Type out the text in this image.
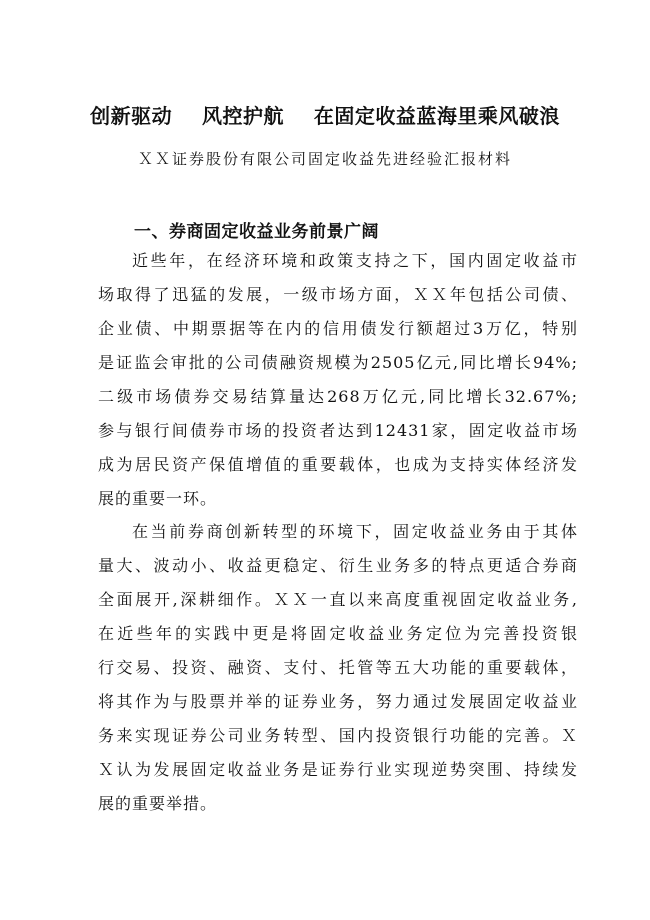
创新驱动    风控护航    在固定收益蓝海里乘风破浪
ＸＸ证券股份有限公司固定收益先进经验汇报材料
一、券商固定收益业务前景广阔
近些年，在经济环境和政策支持之下，国内固定收益市
场取得了迅猛的发展，一级市场方面，ＸＸ年包括公司债、
企业债、中期票据等在内的信用债发行额超过3万亿，特别
是证监会审批的公司债融资规模为2505亿元,同比增长94%;
二级市场债券交易结算量达268万亿元,同比增长32.67%;
参与银行间债券市场的投资者达到12431家，固定收益市场
成为居民资产保值增值的重要载体，也成为支持实体经济发
展的重要一环。
在当前券商创新转型的环境下，固定收益业务由于其体
量大、波动小、收益更稳定、衍生业务多的特点更适合券商
全面展开,深耕细作。ＸＸ一直以来高度重视固定收益业务,
在近些年的实践中更是将固定收益业务定位为完善投资银
行交易、投资、融资、支付、托管等五大功能的重要载体，
将其作为与股票并举的证券业务，努力通过发展固定收益业
务来实现证券公司业务转型、国内投资银行功能的完善。Ｘ
Ｘ认为发展固定收益业务是证券行业实现逆势突围、持续发
展的重要举措。
